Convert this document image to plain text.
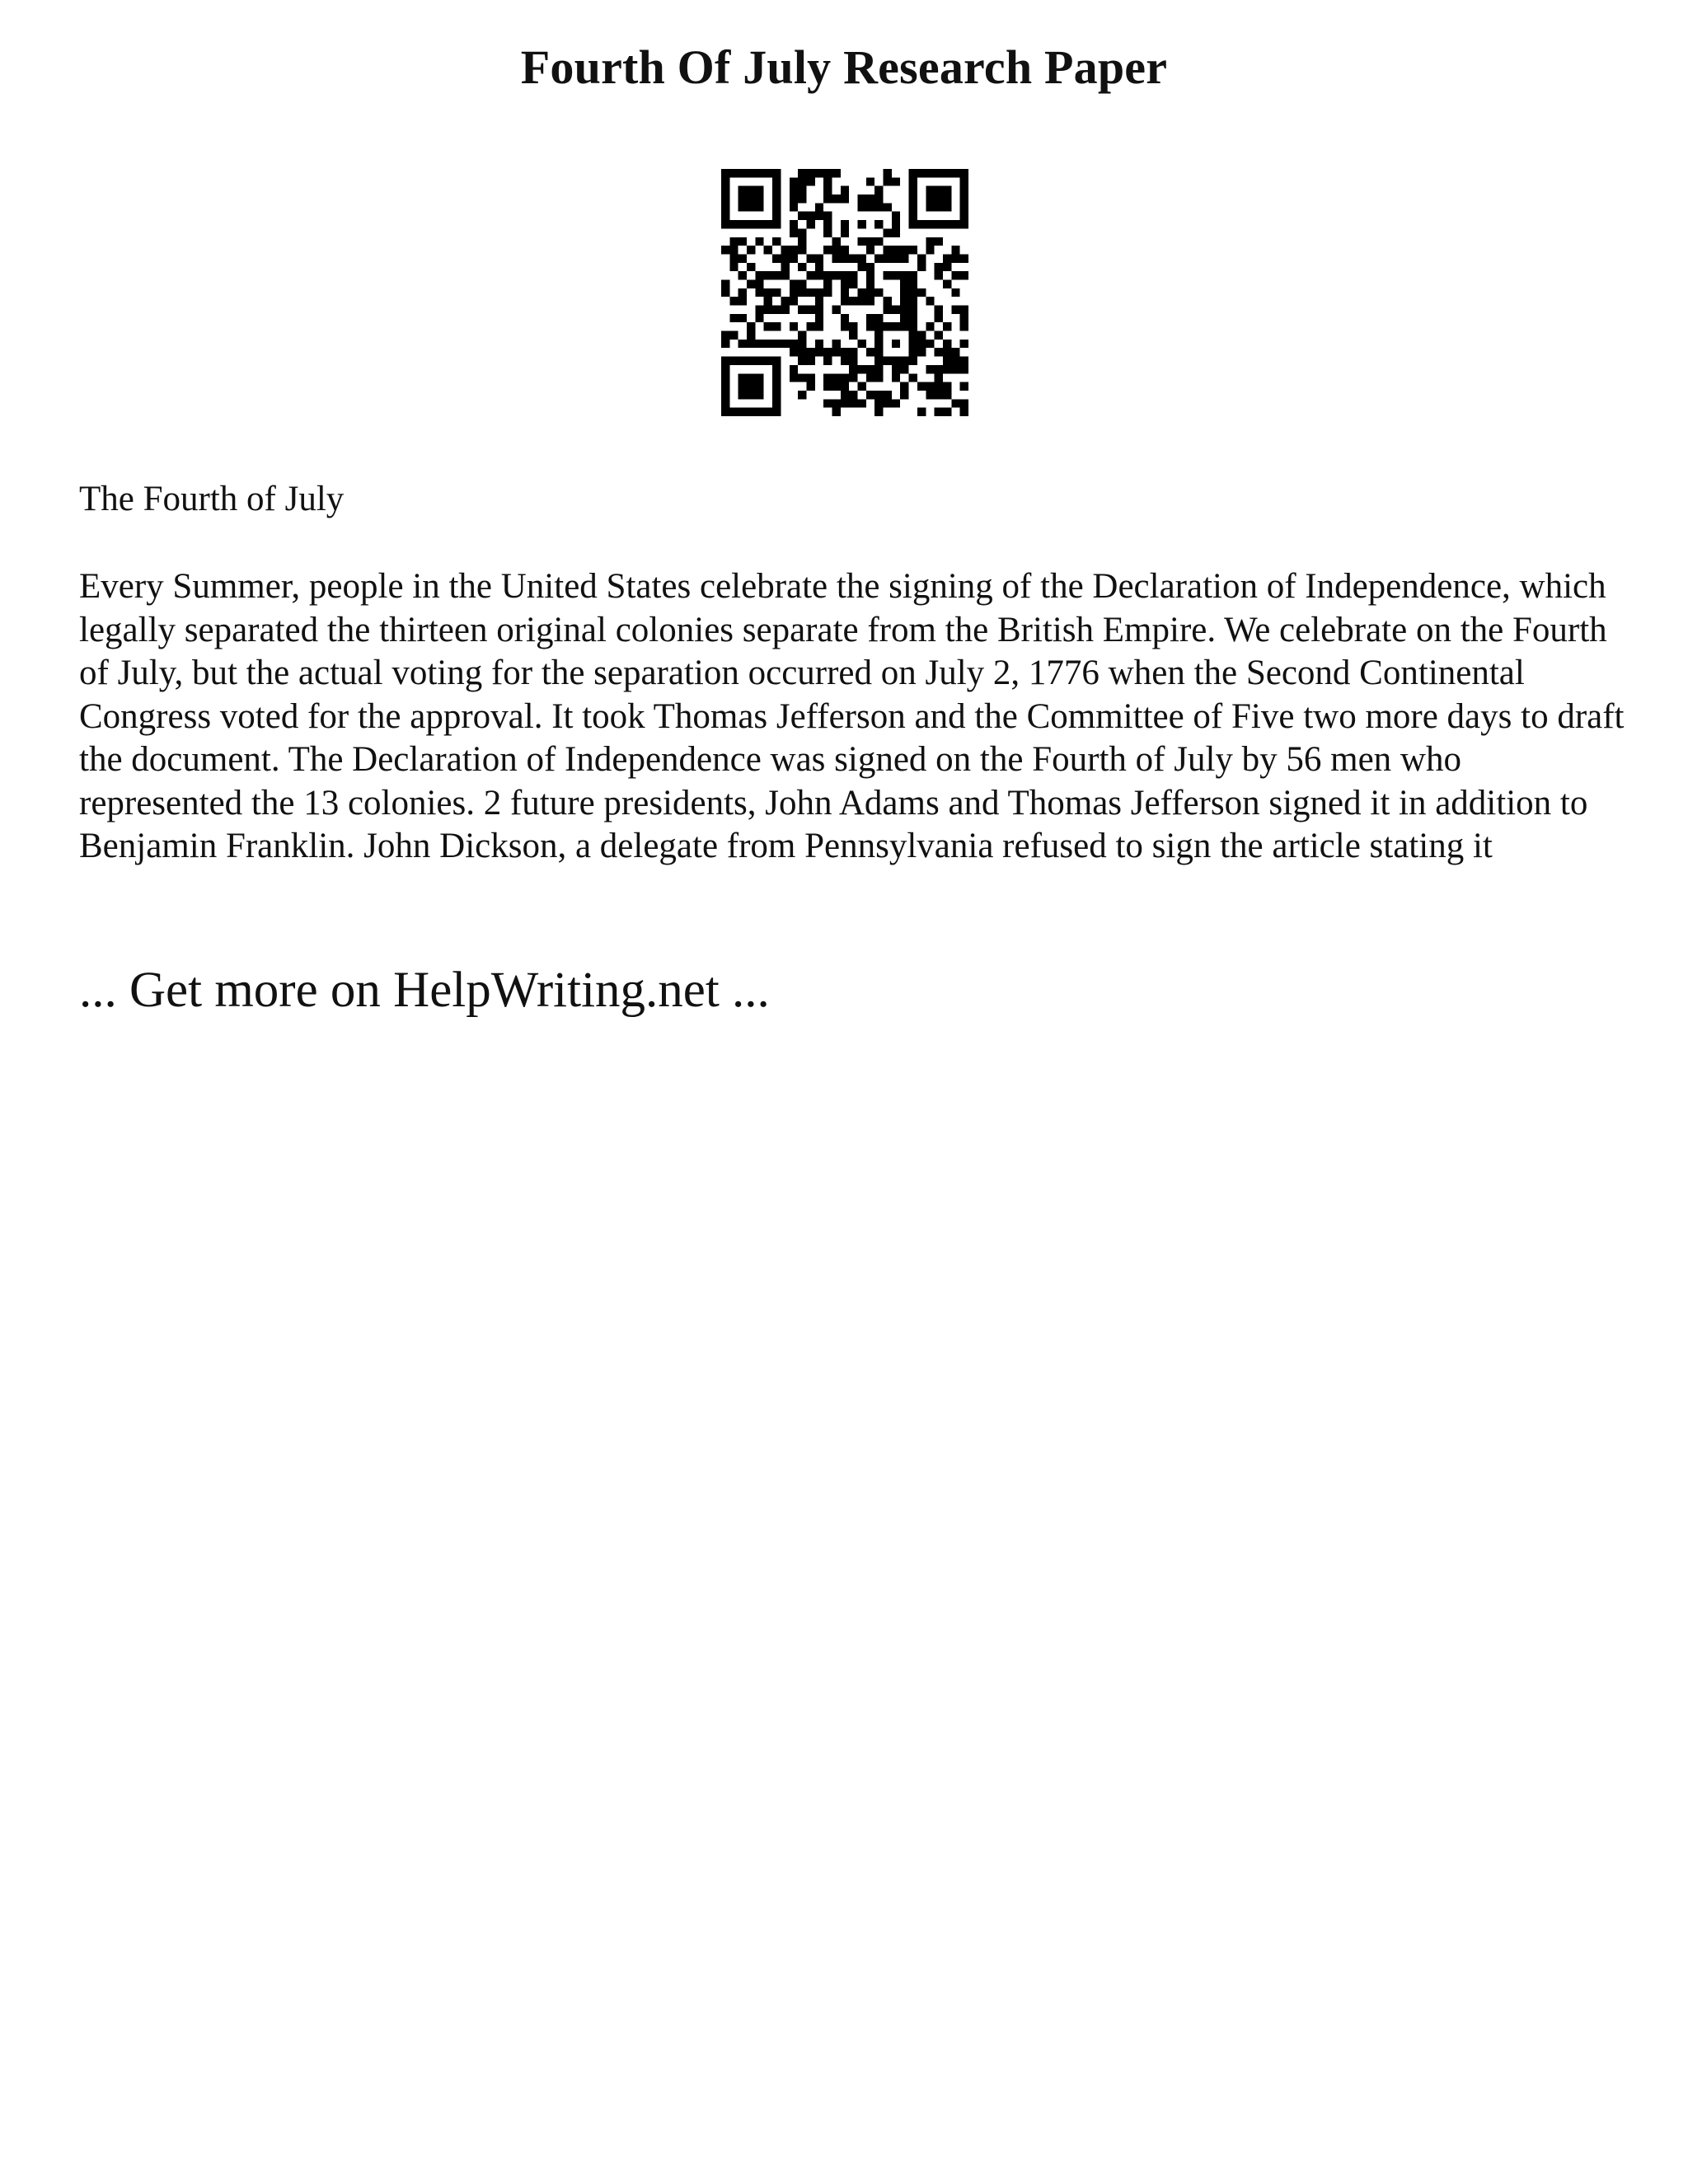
Fourth Of July Research Paper

The Fourth of July

Every Summer, people in the United States celebrate the signing of the Declaration of Independence, which legally separated the thirteen original colonies separate from the British Empire. We celebrate on the Fourth of July, but the actual voting for the separation occurred on July 2, 1776 when the Second Continental Congress voted for the approval. It took Thomas Jefferson and the Committee of Five two more days to draft the document. The Declaration of Independence was signed on the Fourth of July by 56 men who represented the 13 colonies. 2 future presidents, John Adams and Thomas Jefferson signed it in addition to Benjamin Franklin. John Dickson, a delegate from Pennsylvania refused to sign the article stating it

... Get more on HelpWriting.net ...
